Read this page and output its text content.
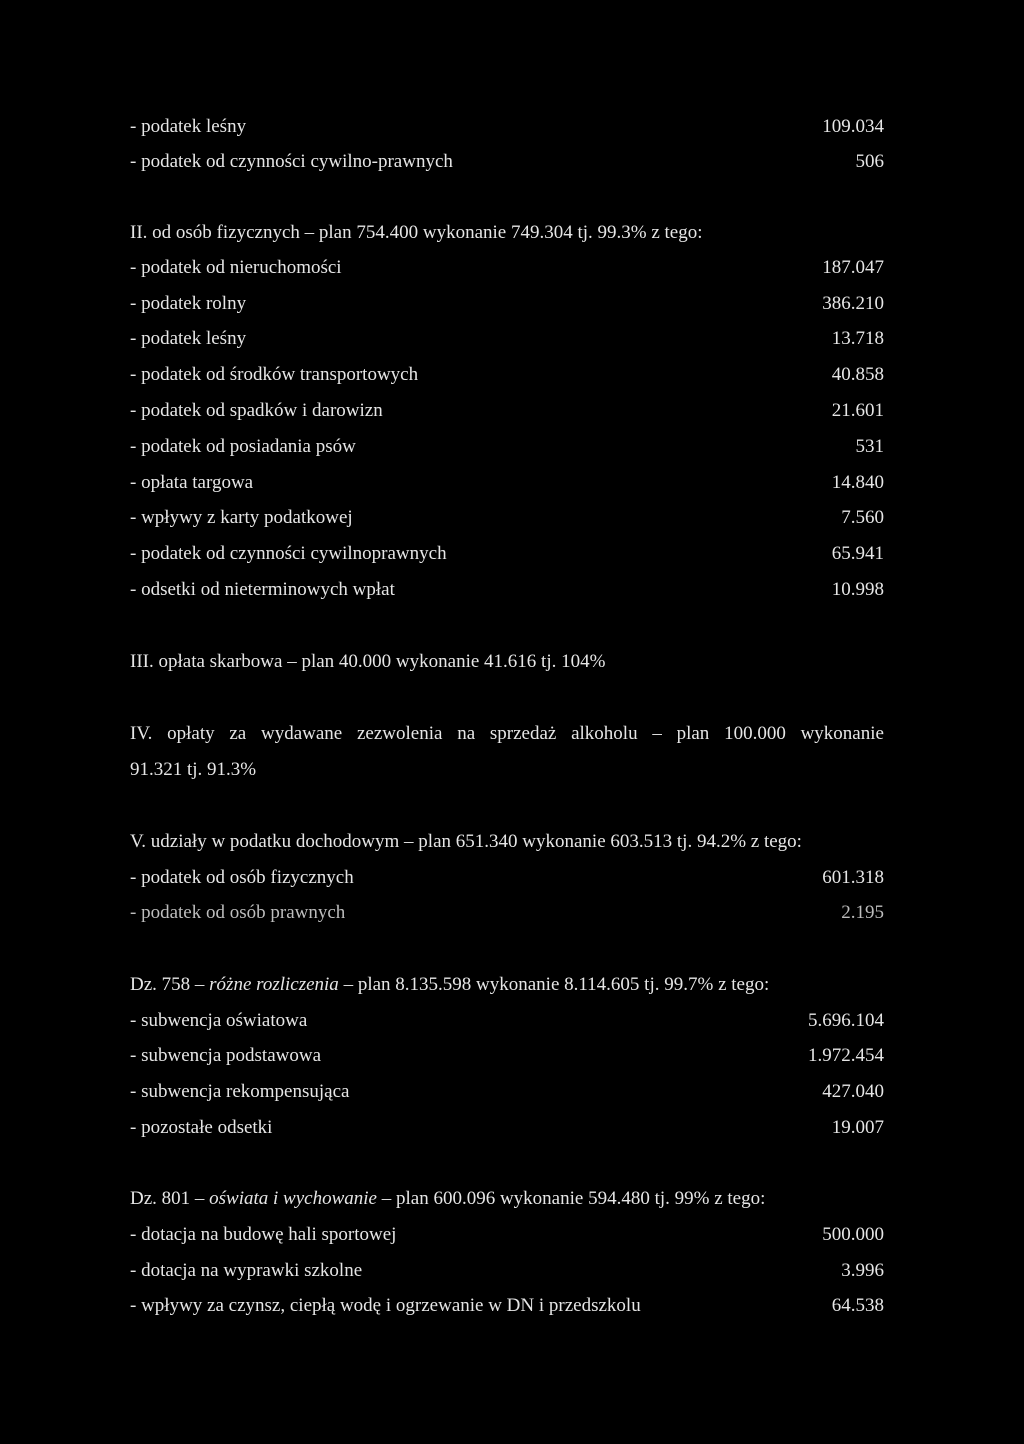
- podatek leśny	109.034
- podatek od czynności cywilno-prawnych	506
II. od osób fizycznych – plan 754.400 wykonanie 749.304 tj. 99.3% z tego:
- podatek od nieruchomości	187.047
- podatek rolny	386.210
- podatek leśny	13.718
- podatek od środków transportowych	40.858
- podatek od spadków i darowizn	21.601
- podatek od posiadania psów	531
- opłata targowa	14.840
- wpływy z karty podatkowej	7.560
- podatek od czynności cywilnoprawnych	65.941
- odsetki od nieterminowych wpłat	10.998
III. opłata skarbowa – plan 40.000 wykonanie 41.616 tj. 104%
IV. opłaty za wydawane zezwolenia na sprzedaż alkoholu – plan 100.000 wykonanie
91.321 tj. 91.3%
V. udziały w podatku dochodowym – plan 651.340 wykonanie 603.513 tj. 94.2% z tego:
- podatek od osób fizycznych	601.318
- podatek od osób prawnych	2.195
Dz. 758 – różne rozliczenia – plan 8.135.598 wykonanie 8.114.605 tj. 99.7% z tego:
- subwencja oświatowa	5.696.104
- subwencja podstawowa	1.972.454
- subwencja rekompensująca	427.040
- pozostałe odsetki	19.007
Dz. 801 – oświata i wychowanie – plan 600.096 wykonanie 594.480 tj. 99% z tego:
- dotacja na budowę hali sportowej	500.000
- dotacja na wyprawki szkolne	3.996
- wpływy za czynsz, ciepłą wodę i ogrzewanie w DN i przedszkolu	64.538
